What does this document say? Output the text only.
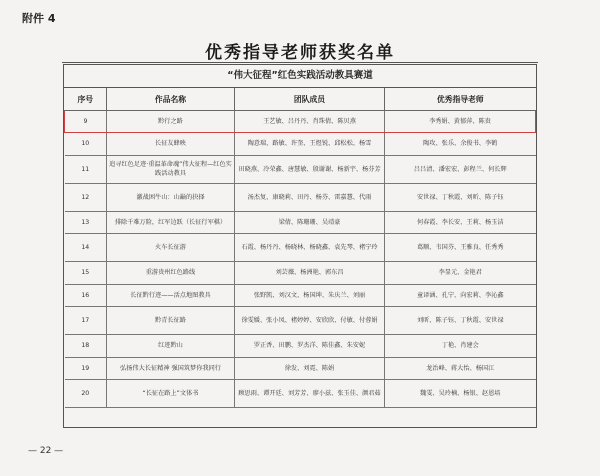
附件 4
优秀指导老师获奖名单
“伟大征程”红色实践活动教具赛道
序号	作品名称	团队成员	优秀指导老师
9	黔行之路	王艺敏、吕丹丹、肖珠倩、陈贝燕	李秀娟、黄郁萍、陈贵
10	长征友蜂映	陶意瑞、路敏、许奎、王煜锐、邱松松、杨雪	陶攻、张乐、余俊书、李鹤
11	追寻红色足迹·重温革命魂”伟大征程—红色实践活动教具	田晓燕、冷荣鑫、唐慧敏、殷谢谢、杨新宇、杨芬芳	吕吕清、潘宏宏、彭程兰、何长辉
12	激战困牛山：山巅的抉择	汤杰复、康晓莉、田丹、杨芬、雷嘉慧、代雨	安世禄、丁秋霞、刘昕、陈子钰
13	排除千难万险，红军边跃（长征行军棋）	梁倩、陈珊珊、吴靖豪	何春霞、李长安、王莉、杨玉洁
14	火车长征游	石霞、杨丹丹、杨晓林、杨晓鑫、袁先琴、褚宁玲	葛顺、韦国芬、王雅良、任秀秀
15	重游贵州红色路线	刘芸薇、杨洲艳、郭东昌	李显元、金艳君
16	长征黔行迹——活点地图教具	张野凯、刘汉文、杨国坤、朱庆兰、刘丽	童译涵、孔宁、向宏莉、李沁鑫
17	黔青长征路	徐雯媛、张小凤、褚婷婷、安欣欣、付敏、付蓉娟	刘昕、陈子钰、丁秋霞、安世禄
18	红迹黔山	罗正香、田鹏、罗杰洋、陈佳鑫、朱安妮	丁艳、肖建会
19	弘扬伟大长征精神 强国筑梦你我同行	徐发、刘霓、陈娟	龙治峰、蒋大怡、杨国江
20	“长征在路上”文体书	顾思雨、谭开廷、刘芳芳、廖小兹、张玉佳、颜君茹	魏雯、吴玲楠、杨银、赵恩培
— 22 —
